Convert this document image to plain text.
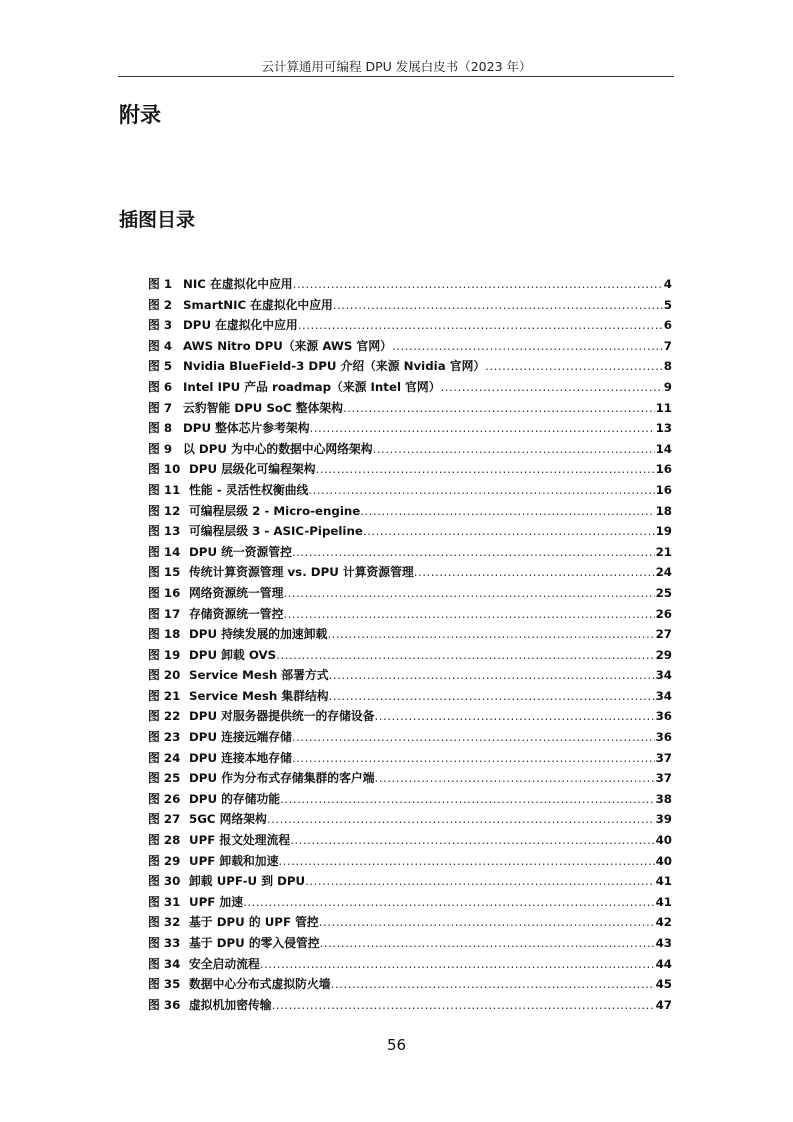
云计算通用可编程 DPU 发展白皮书（2023 年）
附录
插图目录
图 1 NIC 在虚拟化中应用 .....	4
图 2 SmartNIC 在虚拟化中应用 .....	5
图 3 DPU 在虚拟化中应用 .....	6
图 4 AWS Nitro DPU（来源 AWS 官网） .....	7
图 5 Nvidia BlueField-3 DPU 介绍（来源 Nvidia 官网） .....	8
图 6 Intel IPU 产品 roadmap（来源 Intel 官网） .....	9
图 7 云豹智能 DPU SoC 整体架构 .....	11
图 8 DPU 整体芯片参考架构 .....	13
图 9 以 DPU 为中心的数据中心网络架构 .....	14
图 10 DPU 层级化可编程架构 .....	16
图 11 性能 - 灵活性权衡曲线 .....	16
图 12 可编程层级 2 - Micro-engine .....	18
图 13 可编程层级 3 - ASIC-Pipeline .....	19
图 14 DPU 统一资源管控 .....	21
图 15 传统计算资源管理 vs. DPU 计算资源管理 .....	24
图 16 网络资源统一管理 .....	25
图 17 存储资源统一管控 .....	26
图 18 DPU 持续发展的加速卸载 .....	27
图 19 DPU 卸载 OVS .....	29
图 20 Service Mesh 部署方式 .....	34
图 21 Service Mesh 集群结构 .....	34
图 22 DPU 对服务器提供统一的存储设备 .....	36
图 23 DPU 连接远端存储 .....	36
图 24 DPU 连接本地存储 .....	37
图 25 DPU 作为分布式存储集群的客户端 .....	37
图 26 DPU 的存储功能 .....	38
图 27 5GC 网络架构 .....	39
图 28 UPF 报文处理流程 .....	40
图 29 UPF 卸载和加速 .....	40
图 30 卸载 UPF-U 到 DPU .....	41
图 31 UPF 加速 .....	41
图 32 基于 DPU 的 UPF 管控 .....	42
图 33 基于 DPU 的零入侵管控 .....	43
图 34 安全启动流程 .....	44
图 35 数据中心分布式虚拟防火墙 .....	45
图 36 虚拟机加密传输 .....	47
56
